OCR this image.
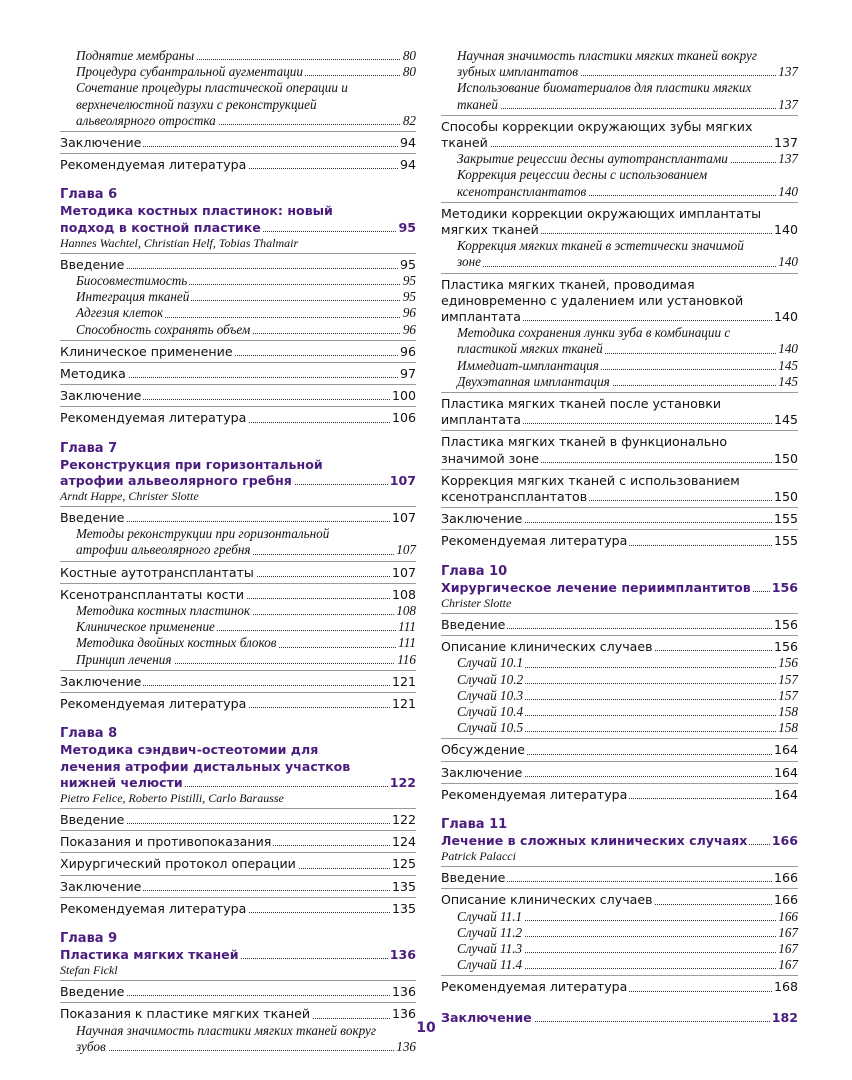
Поднятие мембраны	80
Процедура субантральной аугментации	80
Сочетание процедуры пластической операции и верхнечелюстной пазухи с реконструкцией альвеолярного отростка	82
Заключение	94
Рекомендуемая литература	94
Глава 6
Методика костных пластинок: новый подход в костной пластике	95
Hannes Wachtel, Christian Helf, Tobias Thalmair
Введение	95
Биосовместимость	95
Интеграция тканей	95
Адгезия клеток	96
Способность сохранять объем	96
Клиническое применение	96
Методика	97
Заключение	100
Рекомендуемая литература	106
Глава 7
Реконструкция при горизонтальной атрофии альвеолярного гребня	107
Arndt Happe, Christer Slotte
Введение	107
Методы реконструкции при горизонтальной атрофии альвеолярного гребня	107
Костные аутотрансплантаты	107
Ксенотрансплантаты кости	108
Методика костных пластинок	108
Клиническое применение	111
Методика двойных костных блоков	111
Принцип лечения	116
Заключение	121
Рекомендуемая литература	121
Глава 8
Методика сэндвич-остеотомии для лечения атрофии дистальных участков нижней челюсти	122
Pietro Felice, Roberto Pistilli, Carlo Barausse
Введение	122
Показания и противопоказания	124
Хирургический протокол операции	125
Заключение	135
Рекомендуемая литература	135
Глава 9
Пластика мягких тканей	136
Stefan Fickl
Введение	136
Показания к пластике мягких тканей	136
Научная значимость пластики мягких тканей вокруг зубов	136
Научная значимость пластики мягких тканей вокруг зубных имплантатов	137
Использование биоматериалов для пластики мягких тканей	137
Способы коррекции окружающих зубы мягких тканей	137
Закрытие рецессии десны аутотрансплантами	137
Коррекция рецессии десны с использованием ксенотрансплантатов	140
Методики коррекции окружающих имплантаты мягких тканей	140
Коррекция мягких тканей в эстетически значимой зоне	140
Пластика мягких тканей, проводимая единовременно с удалением или установкой имплантата	140
Методика сохранения лунки зуба в комбинации с пластикой мягких тканей	140
Иммедиат-имплантация	145
Двухэтапная имплантация	145
Пластика мягких тканей после установки имплантата	145
Пластика мягких тканей в функционально значимой зоне	150
Коррекция мягких тканей с использованием ксенотрансплантатов	150
Заключение	155
Рекомендуемая литература	155
Глава 10
Хирургическое лечение периимплантитов	156
Christer Slotte
Введение	156
Описание клинических случаев	156
Случай 10.1	156
Случай 10.2	157
Случай 10.3	157
Случай 10.4	158
Случай 10.5	158
Обсуждение	164
Заключение	164
Рекомендуемая литература	164
Глава 11
Лечение в сложных клинических случаях	166
Patrick Palacci
Введение	166
Описание клинических случаев	166
Случай 11.1	166
Случай 11.2	167
Случай 11.3	167
Случай 11.4	167
Рекомендуемая литература	168
Заключение	182
10
